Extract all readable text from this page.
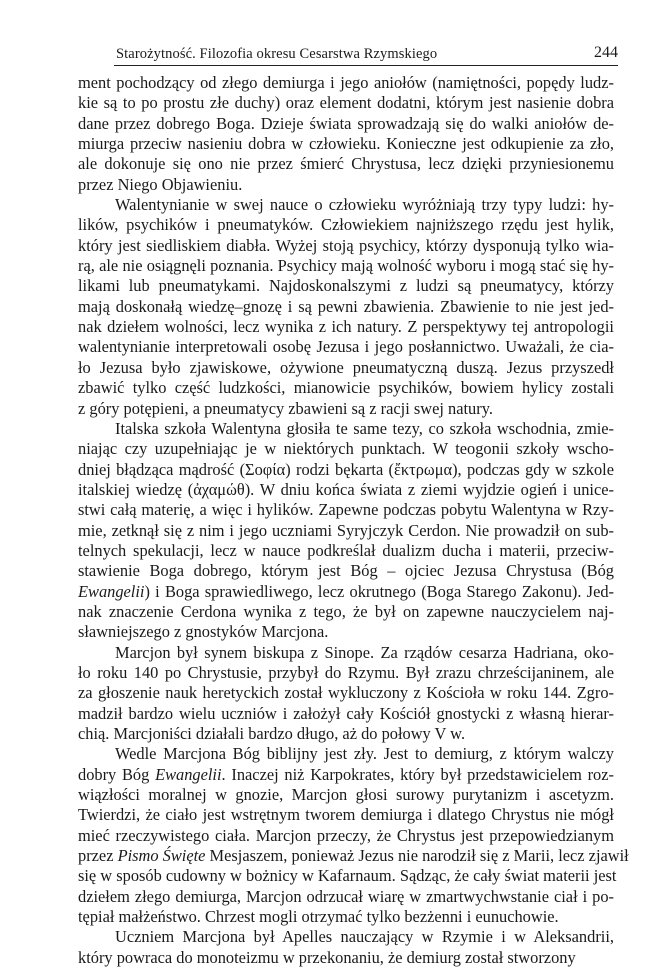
Starożytność. Filozofia okresu Cesarstwa Rzymskiego	244
ment pochodzący od złego demiurga i jego aniołów (namiętności, popędy ludz-
kie są to po prostu złe duchy) oraz element dodatni, którym jest nasienie dobra
dane przez dobrego Boga. Dzieje świata sprowadzają się do walki aniołów de-
miurga przeciw nasieniu dobra w człowieku. Konieczne jest odkupienie za zło,
ale dokonuje się ono nie przez śmierć Chrystusa, lecz dzięki przyniesionemu
przez Niego Objawieniu.
Walentynianie w swej nauce o człowieku wyróżniają trzy typy ludzi: hy-
lików, psychików i pneumatyków. Człowiekiem najniższego rzędu jest hylik,
który jest siedliskiem diabła. Wyżej stoją psychicy, którzy dysponują tylko wia-
rą, ale nie osiągnęli poznania. Psychicy mają wolność wyboru i mogą stać się hy-
likami lub pneumatykami. Najdoskonalszymi z ludzi są pneumatycy, którzy
mają doskonałą wiedzę–gnozę i są pewni zbawienia. Zbawienie to nie jest jed-
nak dziełem wolności, lecz wynika z ich natury. Z perspektywy tej antropologii
walentynianie interpretowali osobę Jezusa i jego posłannictwo. Uważali, że cia-
ło Jezusa było zjawiskowe, ożywione pneumatyczną duszą. Jezus przyszedł
zbawić tylko część ludzkości, mianowicie psychików, bowiem hylicy zostali
z góry potępieni, a pneumatycy zbawieni są z racji swej natury.
Italska szkoła Walentyna głosiła te same tezy, co szkoła wschodnia, zmie-
niając czy uzupełniając je w niektórych punktach. W teogonii szkoły wscho-
dniej błądząca mądrość (Σοφία) rodzi bękarta (ἔκτρωμα), podczas gdy w szkole
italskiej wiedzę (ἀχαμώθ). W dniu końca świata z ziemi wyjdzie ogień i unice-
stwi całą materię, a więc i hylików. Zapewne podczas pobytu Walentyna w Rzy-
mie, zetknął się z nim i jego uczniami Syryjczyk Cerdon. Nie prowadził on sub-
telnych spekulacji, lecz w nauce podkreślał dualizm ducha i materii, przeciw-
stawienie Boga dobrego, którym jest Bóg – ojciec Jezusa Chrystusa (Bóg
Ewangelii) i Boga sprawiedliwego, lecz okrutnego (Boga Starego Zakonu). Jed-
nak znaczenie Cerdona wynika z tego, że był on zapewne nauczycielem naj-
sławniejszego z gnostyków Marcjona.
Marcjon był synem biskupa z Sinope. Za rządów cesarza Hadriana, oko-
ło roku 140 po Chrystusie, przybył do Rzymu. Był zrazu chrześcijaninem, ale
za głoszenie nauk heretyckich został wykluczony z Kościoła w roku 144. Zgro-
madził bardzo wielu uczniów i założył cały Kościół gnostycki z własną hierar-
chią. Marcjoniści działali bardzo długo, aż do połowy V w.
Wedle Marcjona Bóg biblijny jest zły. Jest to demiurg, z którym walczy
dobry Bóg Ewangelii. Inaczej niż Karpokrates, który był przedstawicielem roz-
wiązłości moralnej w gnozie, Marcjon głosi surowy purytanizm i ascetyzm.
Twierdzi, że ciało jest wstrętnym tworem demiurga i dlatego Chrystus nie mógł
mieć rzeczywistego ciała. Marcjon przeczy, że Chrystus jest przepowiedzianym
przez Pismo Święte Mesjaszem, ponieważ Jezus nie narodził się z Marii, lecz zjawił
się w sposób cudowny w bożnicy w Kafarnaum. Sądząc, że cały świat materii jest
dziełem złego demiurga, Marcjon odrzucał wiarę w zmartwychwstanie ciał i po-
tępiał małżeństwo. Chrzest mogli otrzymać tylko bezżenni i eunuchowie.
Uczniem Marcjona był Apelles nauczający w Rzymie i w Aleksandrii,
który powraca do monoteizmu w przekonaniu, że demiurg został stworzony
